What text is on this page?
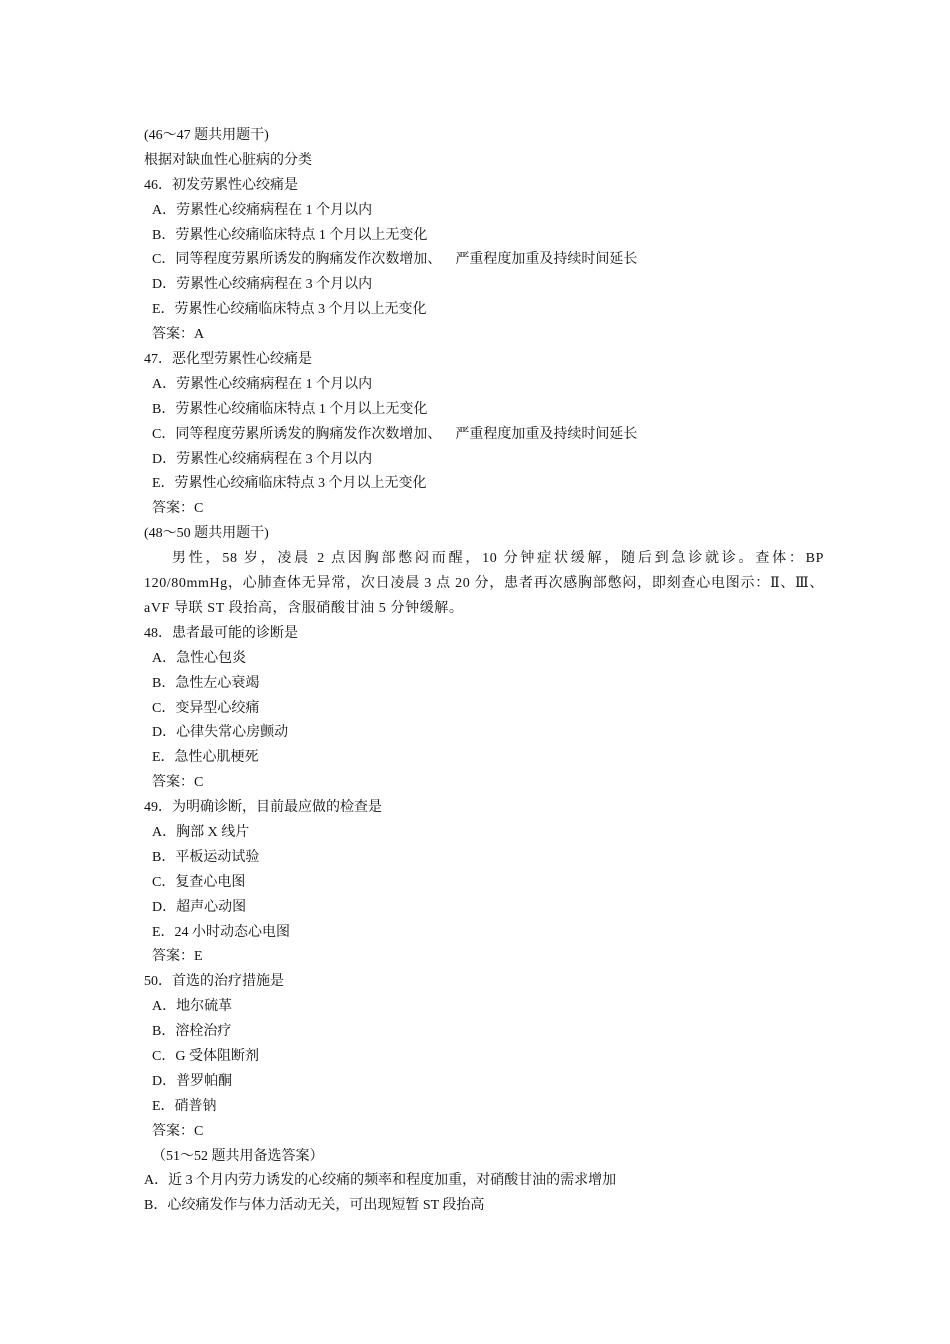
(46～47 题共用题干)
根据对缺血性心脏病的分类
46．初发劳累性心绞痛是
A．劳累性心绞痛病程在 1 个月以内
B．劳累性心绞痛临床特点 1 个月以上无变化
C．同等程度劳累所诱发的胸痛发作次数增加、    严重程度加重及持续时间延长
D．劳累性心绞痛病程在 3 个月以内
E．劳累性心绞痛临床特点 3 个月以上无变化
答案：A
47．恶化型劳累性心绞痛是
A．劳累性心绞痛病程在 1 个月以内
B．劳累性心绞痛临床特点 1 个月以上无变化
C．同等程度劳累所诱发的胸痛发作次数增加、    严重程度加重及持续时间延长
D．劳累性心绞痛病程在 3 个月以内
E．劳累性心绞痛临床特点 3 个月以上无变化
答案：C
(48～50 题共用题干)
男性，58 岁，凌晨 2 点因胸部憋闷而醒，10 分钟症状缓解，随后到急诊就诊。查体：BP 120/80mmHg，心肺查体无异常，次日凌晨 3 点 20 分，患者再次感胸部憋闷，即刻查心电图示：Ⅱ、Ⅲ、aVF 导联 ST 段抬高，含服硝酸甘油 5 分钟缓解。
48．患者最可能的诊断是
A．急性心包炎
B．急性左心衰竭
C．变异型心绞痛
D．心律失常心房颤动
E．急性心肌梗死
答案：C
49．为明确诊断，目前最应做的检查是
A．胸部 X 线片
B．平板运动试验
C．复查心电图
D．超声心动图
E．24 小时动态心电图
答案：E
50．首选的治疗措施是
A．地尔硫革
B．溶栓治疗
C．G 受体阻断剂
D．普罗帕酮
E．硝普钠
答案：C
（51～52 题共用备选答案）
A．近 3 个月内劳力诱发的心绞痛的频率和程度加重，对硝酸甘油的需求增加
B．心绞痛发作与体力活动无关，可出现短暂 ST 段抬高
